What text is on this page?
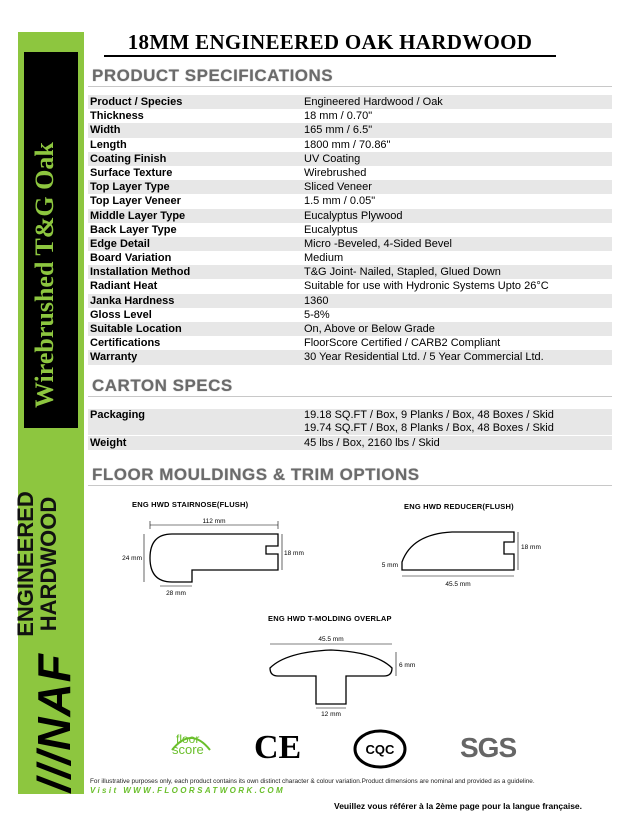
Wirebrushed T&G Oak
ENGINEERED
HARDWOOD
///NAF
18MM ENGINEERED OAK HARDWOOD
PRODUCT SPECIFICATIONS
Product / Species	Engineered Hardwood / Oak
Thickness	18 mm / 0.70"
Width	165 mm / 6.5"
Length	1800 mm / 70.86"
Coating Finish	UV Coating
Surface Texture	Wirebrushed
Top Layer Type	Sliced Veneer
Top Layer Veneer	1.5 mm / 0.05"
Middle Layer Type	Eucalyptus Plywood
Back Layer Type	Eucalyptus
Edge Detail	Micro -Beveled, 4-Sided Bevel
Board Variation	Medium
Installation Method	T&G Joint- Nailed, Stapled, Glued Down
Radiant Heat	Suitable for use with Hydronic Systems Upto 26°C
Janka Hardness	1360
Gloss Level	5-8%
Suitable Location	On, Above or Below Grade
Certifications	FloorScore Certified / CARB2 Compliant
Warranty	30 Year Residential Ltd. / 5 Year Commercial Ltd.
CARTON SPECS
Packaging	19.18 SQ.FT / Box, 9 Planks / Box, 48 Boxes / Skid
19.74 SQ.FT / Box, 8 Planks / Box, 48 Boxes / Skid
Weight	45 lbs / Box, 2160 lbs / Skid
FLOOR MOULDINGS & TRIM OPTIONS
ENG HWD STAIRNOSE(FLUSH)
112 mm
24 mm
18 mm
28 mm
ENG HWD REDUCER(FLUSH)
18 mm
5 mm
45.5 mm
ENG HWD T-MOLDING OVERLAP
45.5 mm
6 mm
12 mm
floor
score CE	CQC	SGS
For illustrative purposes only, each product contains its own distinct character & colour variation.Product dimensions are nominal and provided as a guideline.
Visit WWW.FLOORSATWORK.COM
Veuillez vous référer à la 2ème page pour la langue française.
